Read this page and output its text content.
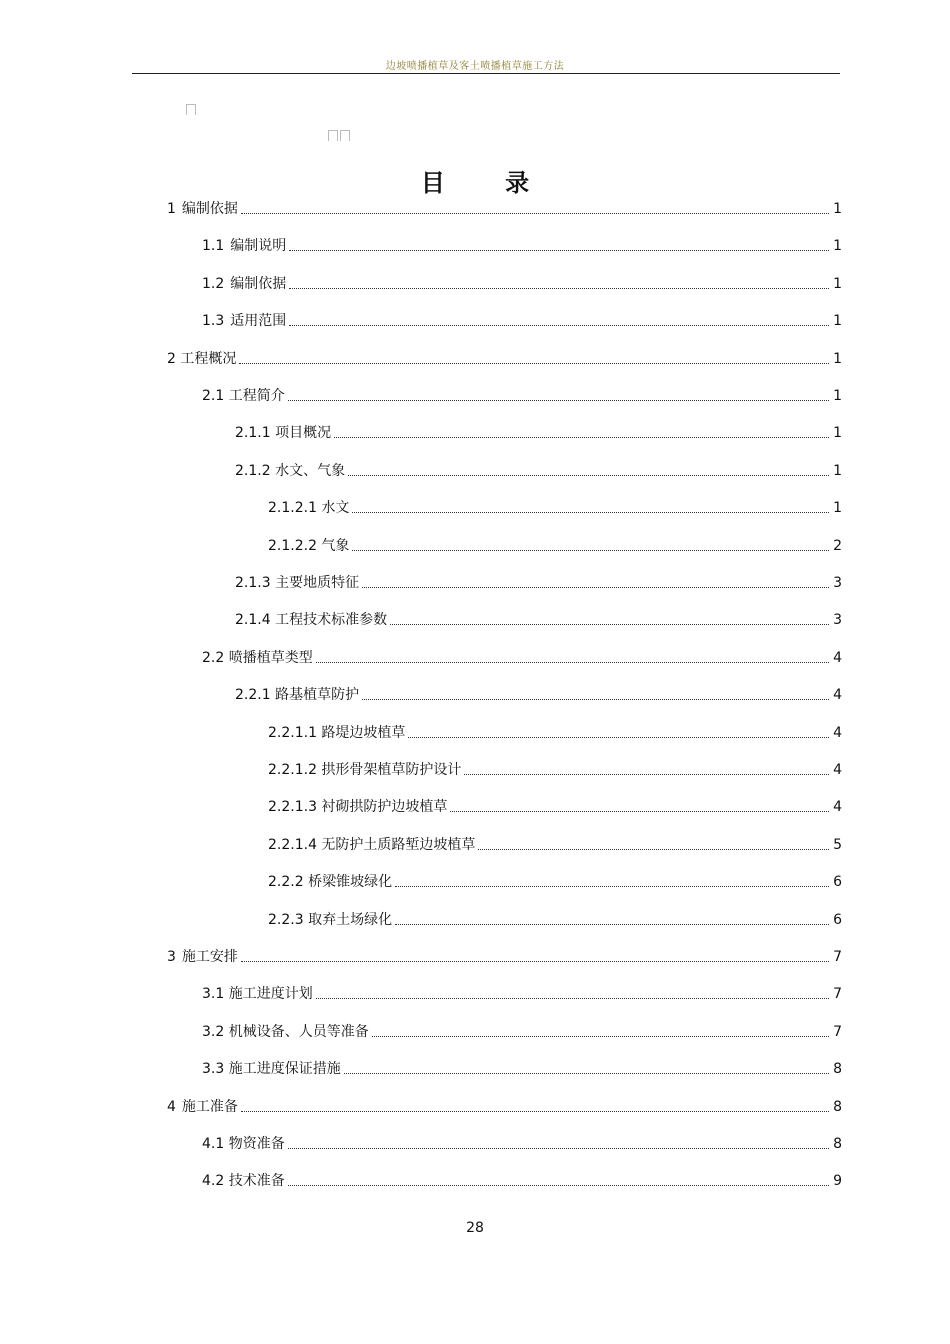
边坡喷播植草及客土喷播植草施工方法
目 录
1 编制依据	1
1.1 编制说明	1
1.2 编制依据	1
1.3 适用范围	1
2 工程概况	1
2.1 工程简介	1
2.1.1 项目概况	1
2.1.2 水文、气象	1
2.1.2.1 水文	1
2.1.2.2 气象	2
2.1.3 主要地质特征	3
2.1.4 工程技术标准参数	3
2.2 喷播植草类型	4
2.2.1 路基植草防护	4
2.2.1.1 路堤边坡植草	4
2.2.1.2 拱形骨架植草防护设计	4
2.2.1.3 衬砌拱防护边坡植草	4
2.2.1.4 无防护土质路堑边坡植草	5
2.2.2 桥梁锥坡绿化	6
2.2.3 取弃土场绿化	6
3 施工安排	7
3.1 施工进度计划	7
3.2 机械设备、人员等准备	7
3.3 施工进度保证措施	8
4 施工准备	8
4.1 物资准备	8
4.2 技术准备	9
28
